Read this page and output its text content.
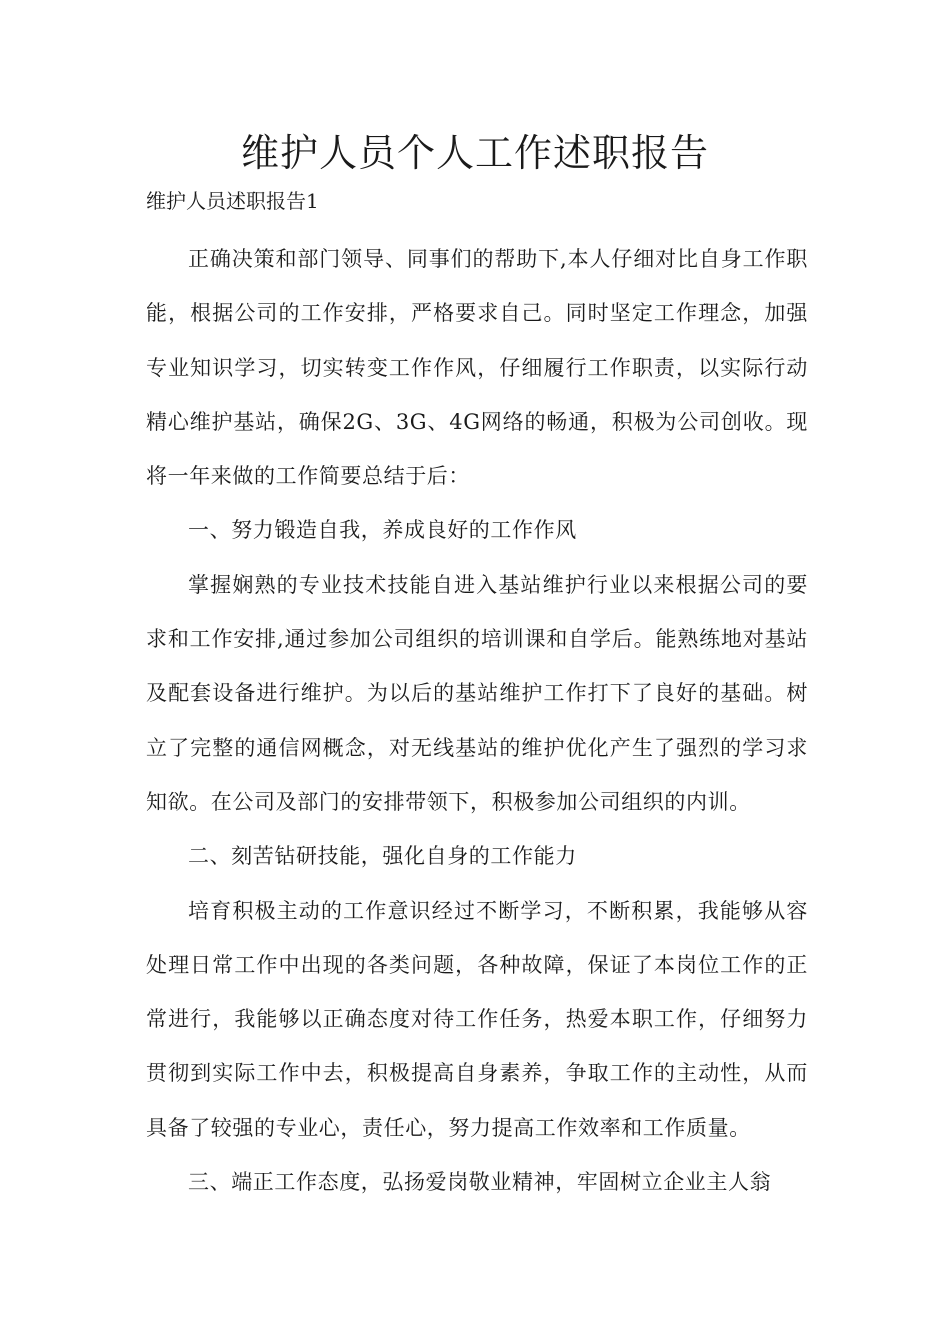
维护人员个人工作述职报告

维护人员述职报告1

正确决策和部门领导、同事们的帮助下,本人仔细对比自身工作职能，根据公司的工作安排，严格要求自己。同时坚定工作理念，加强专业知识学习，切实转变工作作风，仔细履行工作职责，以实际行动精心维护基站，确保2G、3G、4G网络的畅通，积极为公司创收。现将一年来做的工作简要总结于后：

一、努力锻造自我，养成良好的工作作风

掌握娴熟的专业技术技能自进入基站维护行业以来根据公司的要求和工作安排,通过参加公司组织的培训课和自学后。能熟练地对基站及配套设备进行维护。为以后的基站维护工作打下了良好的基础。树立了完整的通信网概念，对无线基站的维护优化产生了强烈的学习求知欲。在公司及部门的安排带领下，积极参加公司组织的内训。

二、刻苦钻研技能，强化自身的工作能力

培育积极主动的工作意识经过不断学习，不断积累，我能够从容处理日常工作中出现的各类问题，各种故障，保证了本岗位工作的正常进行，我能够以正确态度对待工作任务，热爱本职工作，仔细努力贯彻到实际工作中去，积极提高自身素养，争取工作的主动性，从而具备了较强的专业心，责任心，努力提高工作效率和工作质量。

三、端正工作态度，弘扬爱岗敬业精神，牢固树立企业主人翁
